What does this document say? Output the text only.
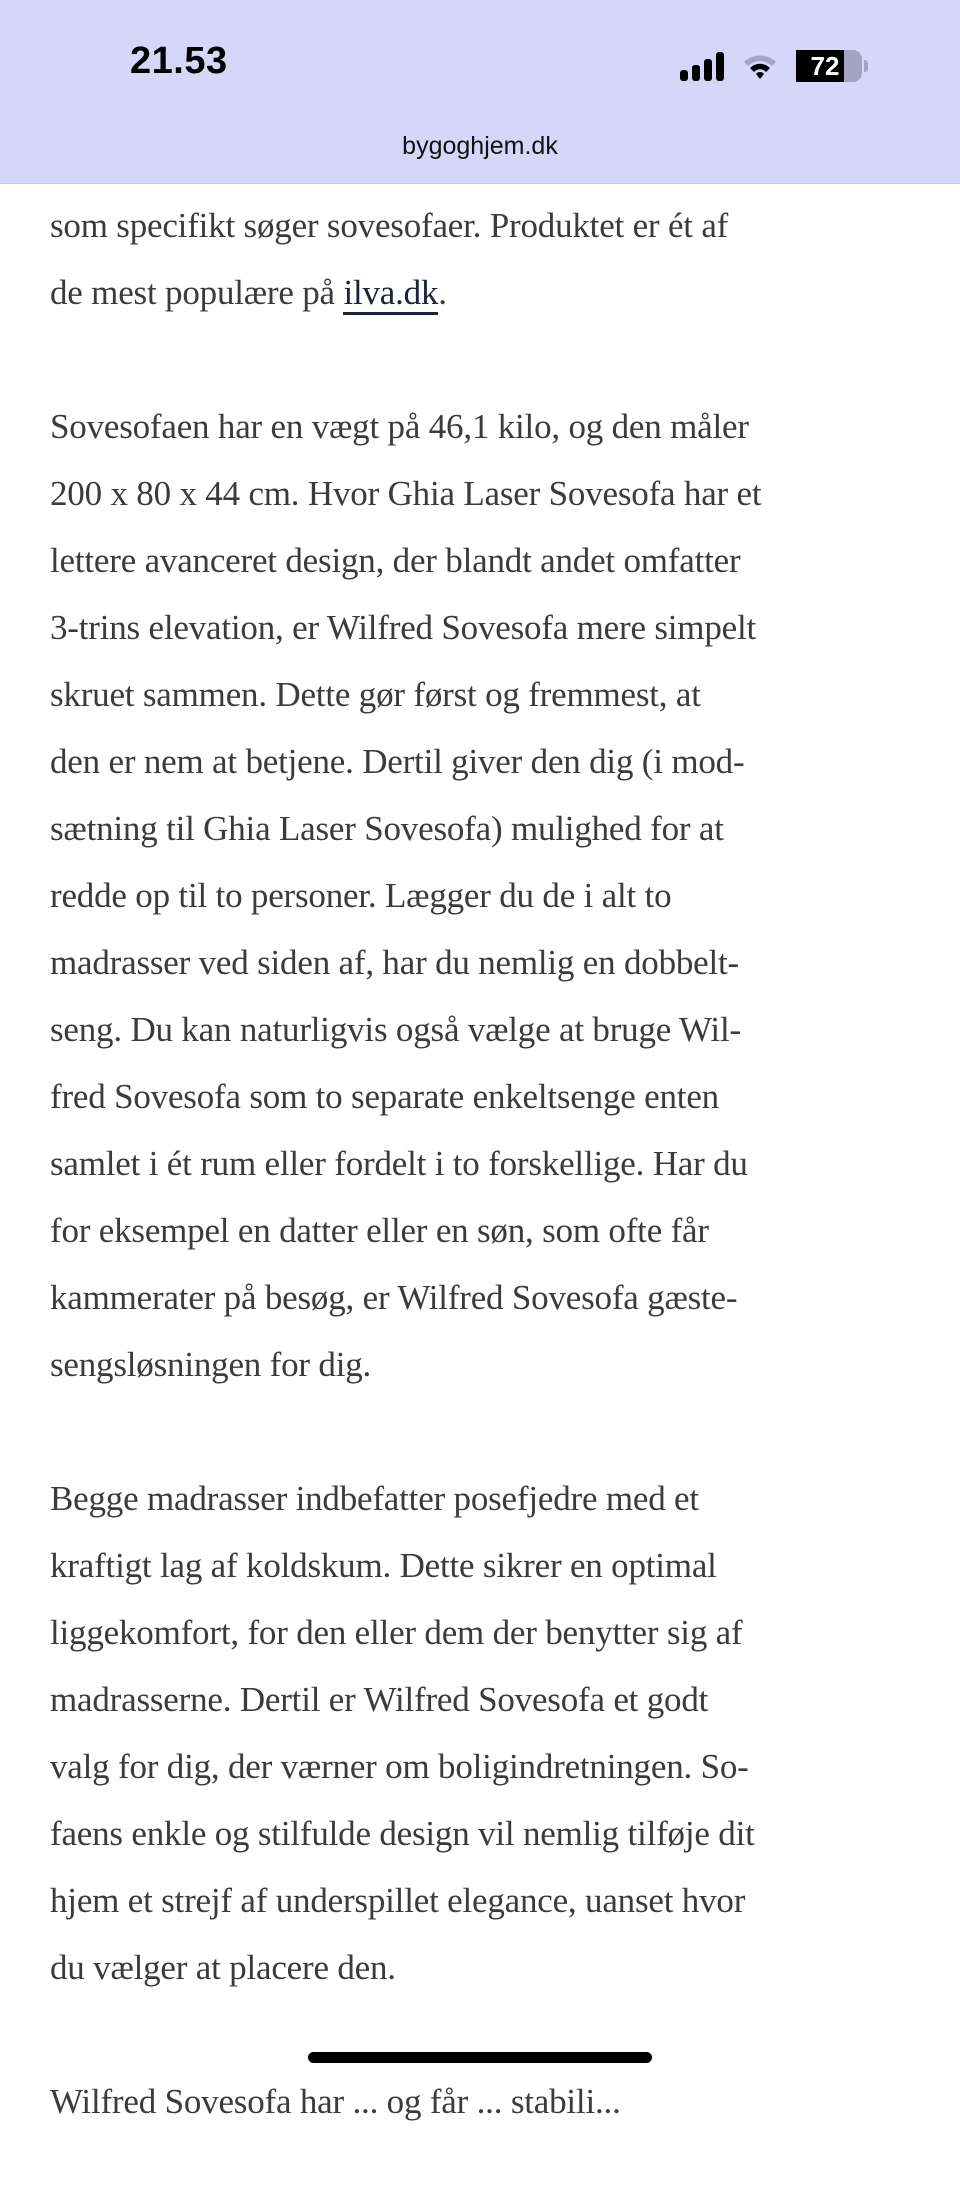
21.53	72
bygoghjem.dk

som specifikt søger sovesofaer. Produktet er ét af
de mest populære på ilva.dk.

Sovesofaen har en vægt på 46,1 kilo, og den måler
200 x 80 x 44 cm. Hvor Ghia Laser Sovesofa har et
lettere avanceret design, der blandt andet omfatter
3-trins elevation, er Wilfred Sovesofa mere simpelt
skruet sammen. Dette gør først og fremmest, at
den er nem at betjene. Dertil giver den dig (i mod-
sætning til Ghia Laser Sovesofa) mulighed for at
redde op til to personer. Lægger du de i alt to
madrasser ved siden af, har du nemlig en dobbelt-
seng. Du kan naturligvis også vælge at bruge Wil-
fred Sovesofa som to separate enkeltsenge enten
samlet i ét rum eller fordelt i to forskellige. Har du
for eksempel en datter eller en søn, som ofte får
kammerater på besøg, er Wilfred Sovesofa gæste-
sengsløsningen for dig.

Begge madrasser indbefatter posefjedre med et
kraftigt lag af koldskum. Dette sikrer en optimal
liggekomfort, for den eller dem der benytter sig af
madrasserne. Dertil er Wilfred Sovesofa et godt
valg for dig, der værner om boligindretningen. So-
faens enkle og stilfulde design vil nemlig tilføje dit
hjem et strejf af underspillet elegance, uanset hvor
du vælger at placere den.

Wilfred Sovesofa har ... og får ... stabili...
